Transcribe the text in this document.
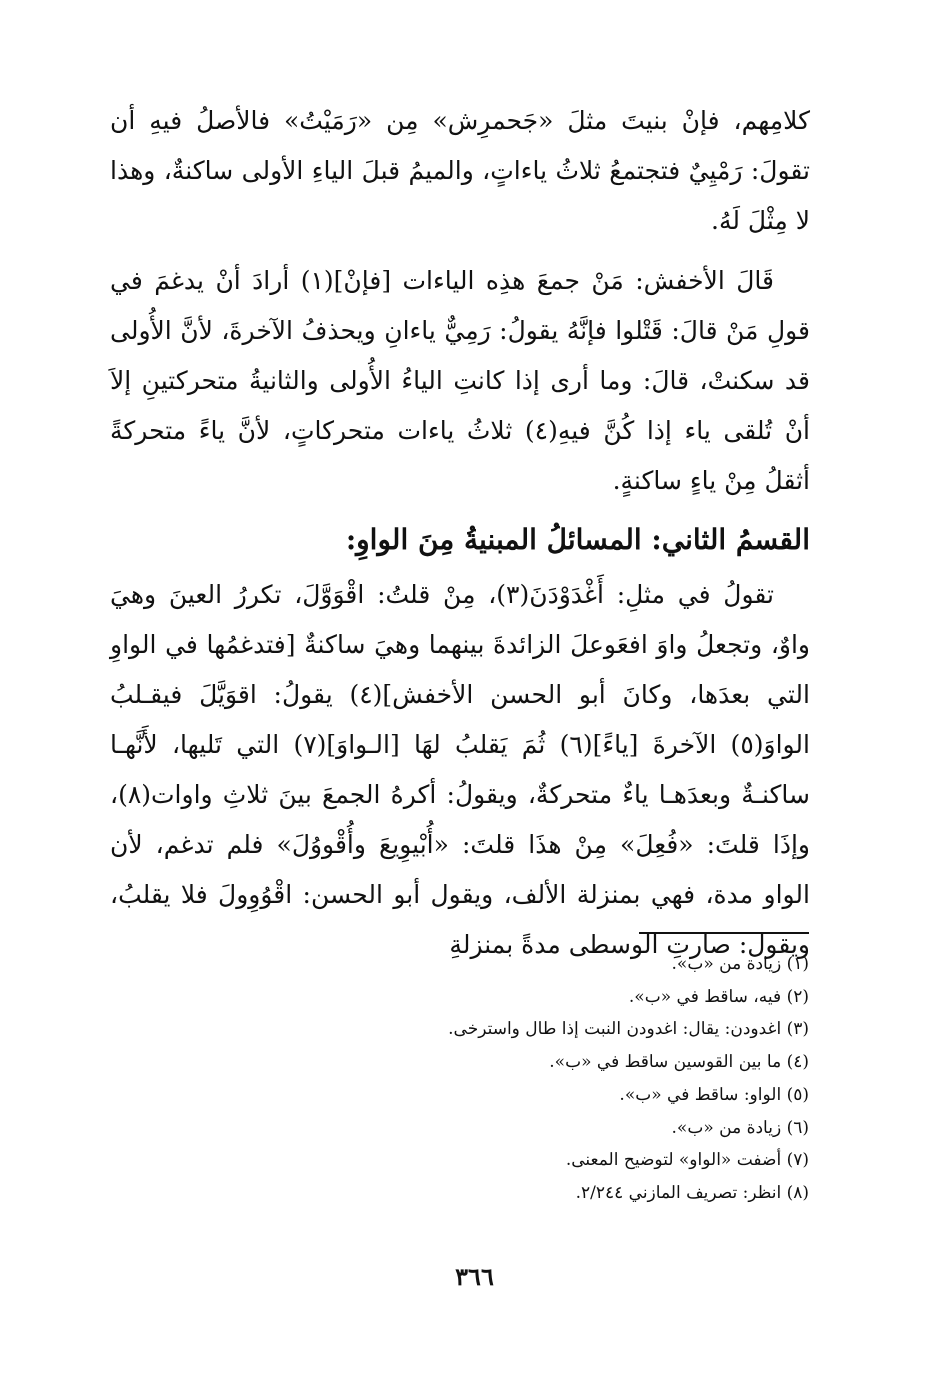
كلامِهم، فإنْ بنيتَ مثلَ «جَحمرِش» مِن «رَمَيْتُ» فالأصلُ فيهِ أن تقولَ: رَمْيِيٌ فتجتمعُ ثلاثُ ياءاتٍ، والميمُ قبلَ الياءِ الأولى ساكنةٌ، وهذا لا مِثْلَ لَهُ.

قَالَ الأخفش: مَنْ جمعَ هذِه الياءات [فإنْ](١) أرادَ أنْ يدغمَ في قولِ مَنْ قالَ: قَتْلوا فإنَّهُ يقولُ: رَمِيٌّ ياءانِ ويحذفُ الآخرةَ، لأنَّ الأُولى قد سكنتْ، قالَ: وما أرى إذا كانتِ الياءُ الأُولى والثانيةُ متحركتينِ إلاَ أنْ تُلقى ياء إذا كُنَّ فيهِ(٤) ثلاثُ ياءات متحركاتٍ، لأنَّ ياءً متحركةً أثقلُ مِنْ ياءٍ ساكنةٍ.

القسمُ الثاني: المسائلُ المبنيةُ مِنَ الواوِ:

تقولُ في مثلِ: أَغْدَوْدَنَ(٣)، مِنْ قلتُ: اقْوَوَّلَ، تكررُ العينَ وهيَ واوٌ، وتجعلُ واوَ افعَوعلَ الزائدةَ بينهما وهيَ ساكنةٌ [فتدغمُها في الواوِ التي بعدَها، وكانَ أبو الحسن الأخفش](٤) يقولُ: اقوَيَّلَ فيقـلبُ الواوَ(٥) الآخرةَ [ياءً](٦) ثُمَ يَقلبُ لهَا [الـواوَ](٧) التي تَليها، لأَنَّهـا ساكنـةٌ وبعدَهـا ياءٌ متحركةٌ، ويقولُ: أكرهُ الجمعَ بينَ ثلاثِ واوات(٨)، وإذَا قلتَ: «فُعِلَ» مِنْ هذَا قلتَ: «أُبْيوِيعَ وأُقْووُلَ» فلم تدغم، لأن الواو مدة، فهي بمنزلة الألف، ويقول أبو الحسن: اقْوُوِولَ فلا يقلبُ، ويقول: صارتِ الوسطى مدةً بمنزلةِ

(١) زيادة من «ب».

(٢) فيه، ساقط في «ب».

(٣) اغدودن: يقال: اغدودن النبت إذا طال واسترخى.

(٤) ما بين القوسين ساقط في «ب».

(٥) الواو: ساقط في «ب».

(٦) زيادة من «ب».

(٧) أضفت «الواو» لتوضيح المعنى.

(٨) انظر: تصريف المازني ٢/٢٤٤.

٣٦٦
